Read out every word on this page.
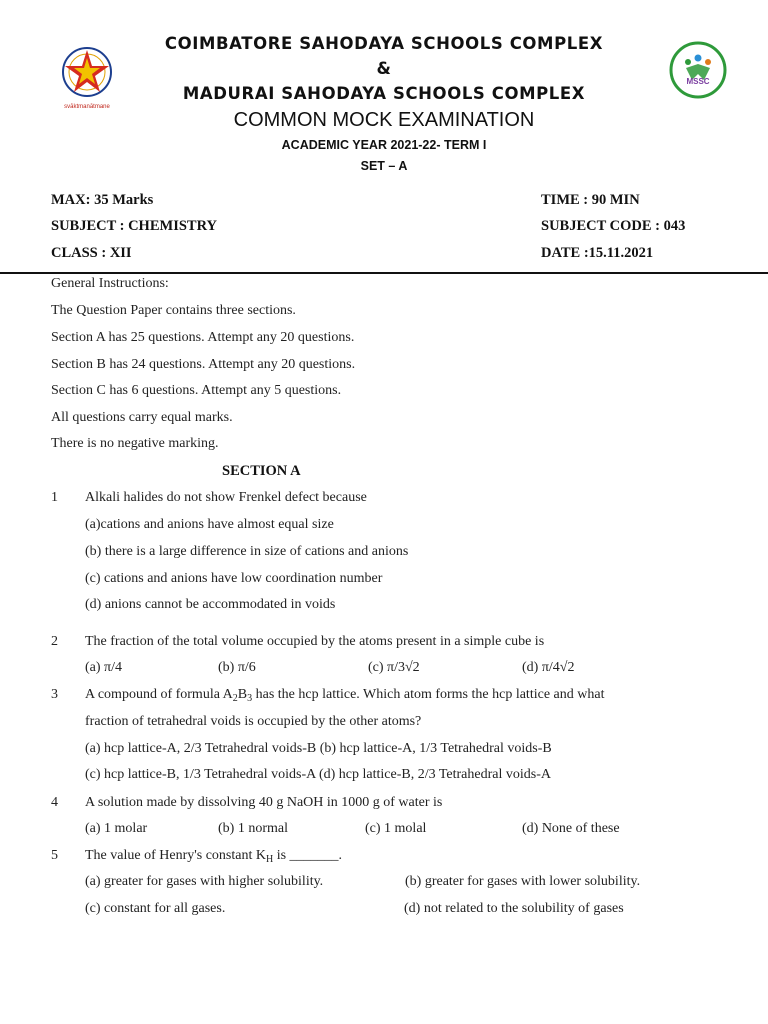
svāktmanātmane
MSSC
COIMBATORE SAHODAYA SCHOOLS COMPLEX
&
MADURAI SAHODAYA SCHOOLS COMPLEX
COMMON MOCK EXAMINATION
ACADEMIC YEAR 2021-22- TERM I
SET – A
MAX: 35 Marks	TIME : 90 MIN
SUBJECT : CHEMISTRY	SUBJECT CODE : 043
CLASS : XII	DATE :15.11.2021
General Instructions:
The Question Paper contains three sections.
Section A has 25 questions. Attempt any 20 questions.
Section B has 24 questions. Attempt any 20 questions.
Section C has 6 questions. Attempt any 5 questions.
All questions carry equal marks.
There is no negative marking.
SECTION A
1 Alkali halides do not show Frenkel defect because
(a)cations and anions have almost equal size
(b) there is a large difference in size of cations and anions
(c) cations and anions have low coordination number
(d) anions cannot be accommodated in voids
2 The fraction of the total volume occupied by the atoms present in a simple cube is
(a) π/4	(b) π/6	(c) π/3√2	(d) π/4√2
3 A compound of formula $A_2B_3$ has the hcp lattice. Which atom forms the hcp lattice and what
fraction of tetrahedral voids is occupied by the other atoms?
(a) hcp lattice-A, 2/3 Tetrahedral voids-B (b) hcp lattice-A, 1/3 Tetrahedral voids-B
(c) hcp lattice-B, 1/3 Tetrahedral voids-A (d) hcp lattice-B, 2/3 Tetrahedral voids-A
4 A solution made by dissolving 40 g NaOH in 1000 g of water is
(a) 1 molar	(b) 1 normal	(c) 1 molal	(d) None of these
5 The value of Henry's constant $K_H$ is _______.
(a) greater for gases with higher solubility.	(b) greater for gases with lower solubility.
(c) constant for all gases.	(d) not related to the solubility of gases
